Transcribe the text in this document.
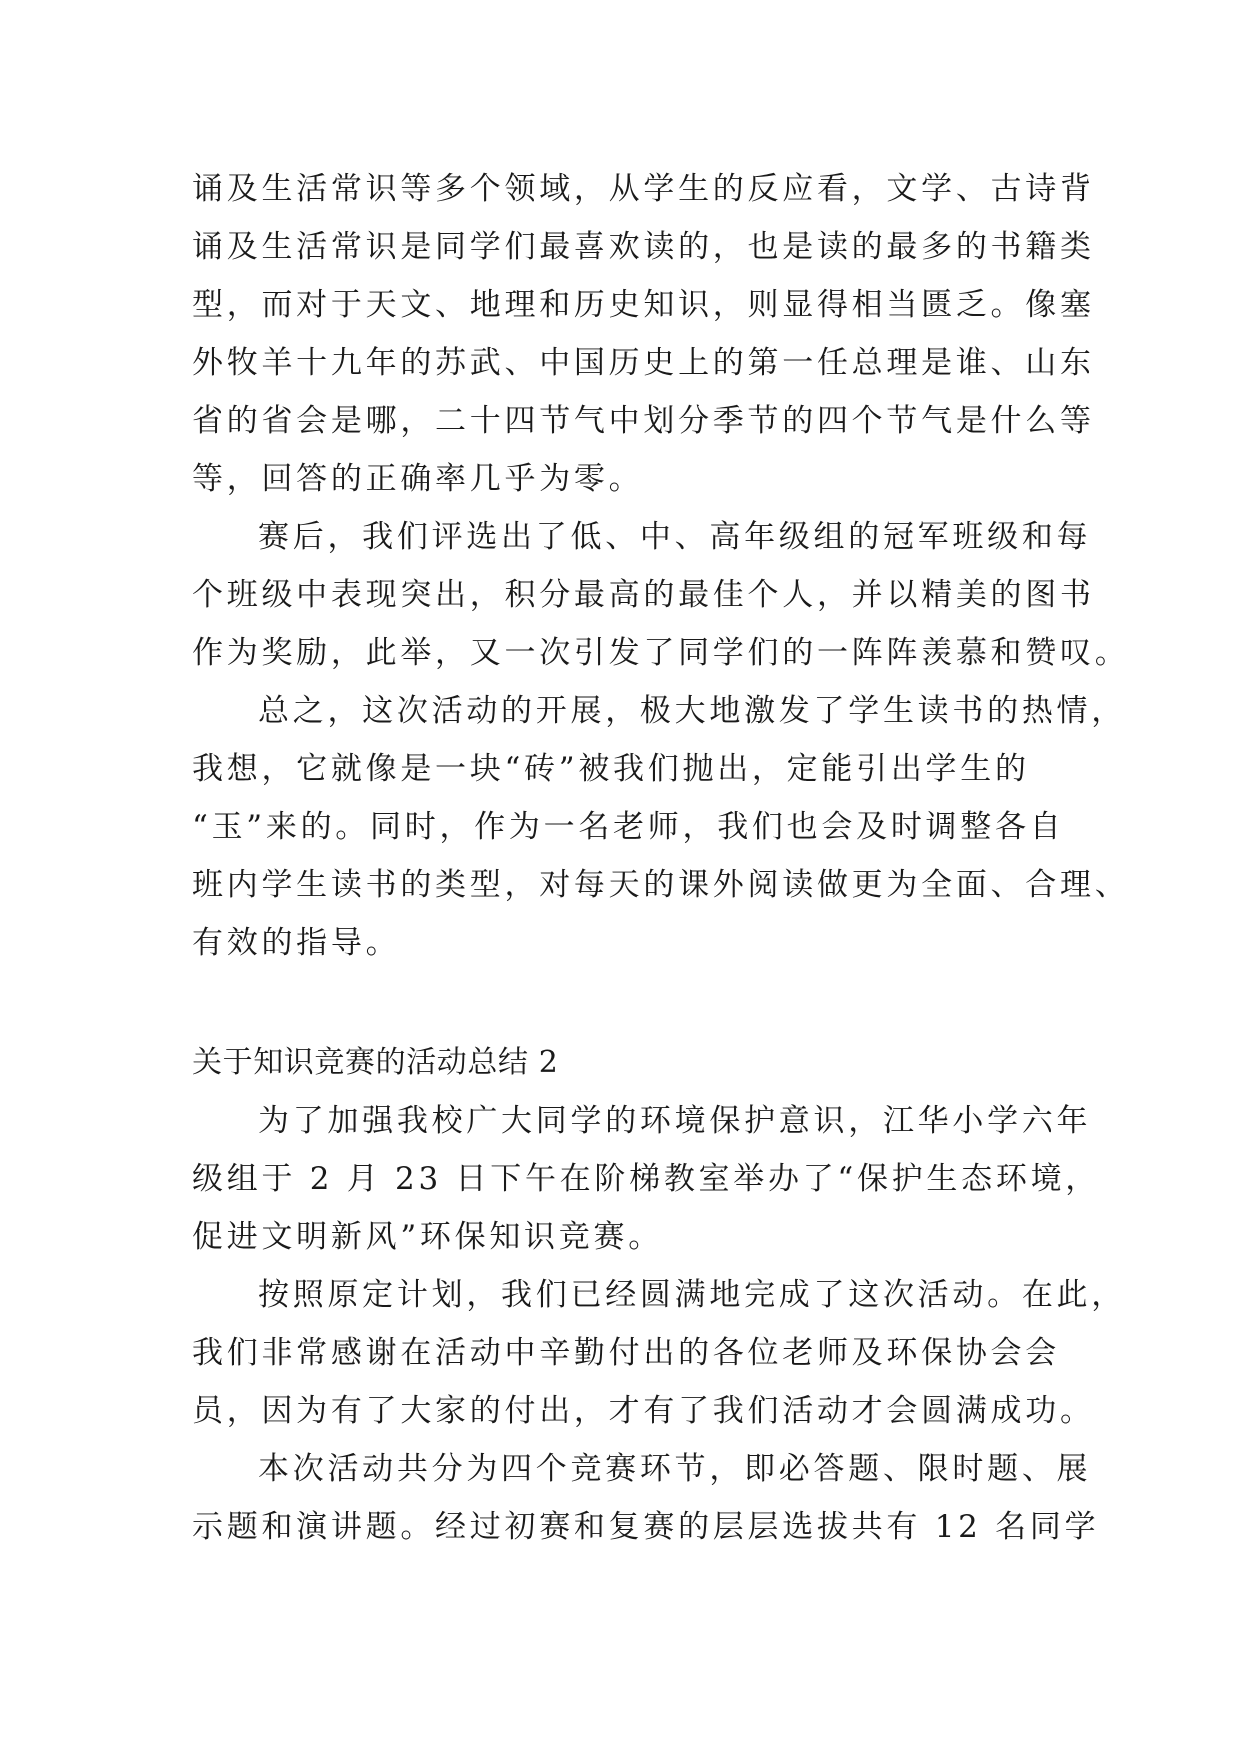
诵及生活常识等多个领域，从学生的反应看，文学、古诗背
诵及生活常识是同学们最喜欢读的，也是读的最多的书籍类
型，而对于天文、地理和历史知识，则显得相当匮乏。像塞
外牧羊十九年的苏武、中国历史上的第一任总理是谁、山东
省的省会是哪，二十四节气中划分季节的四个节气是什么等
等，回答的正确率几乎为零。
赛后，我们评选出了低、中、高年级组的冠军班级和每
个班级中表现突出，积分最高的最佳个人，并以精美的图书
作为奖励，此举，又一次引发了同学们的一阵阵羡慕和赞叹。
总之，这次活动的开展，极大地激发了学生读书的热情，
我想，它就像是一块“砖”被我们抛出，定能引出学生的
“玉”来的。同时，作为一名老师，我们也会及时调整各自
班内学生读书的类型，对每天的课外阅读做更为全面、合理、
有效的指导。
关于知识竞赛的活动总结 2
为了加强我校广大同学的环境保护意识，江华小学六年
级组于 2 月 23 日下午在阶梯教室举办了“保护生态环境，
促进文明新风”环保知识竞赛。
按照原定计划，我们已经圆满地完成了这次活动。在此，
我们非常感谢在活动中辛勤付出的各位老师及环保协会会
员，因为有了大家的付出，才有了我们活动才会圆满成功。
本次活动共分为四个竞赛环节，即必答题、限时题、展
示题和演讲题。经过初赛和复赛的层层选拔共有 12 名同学
